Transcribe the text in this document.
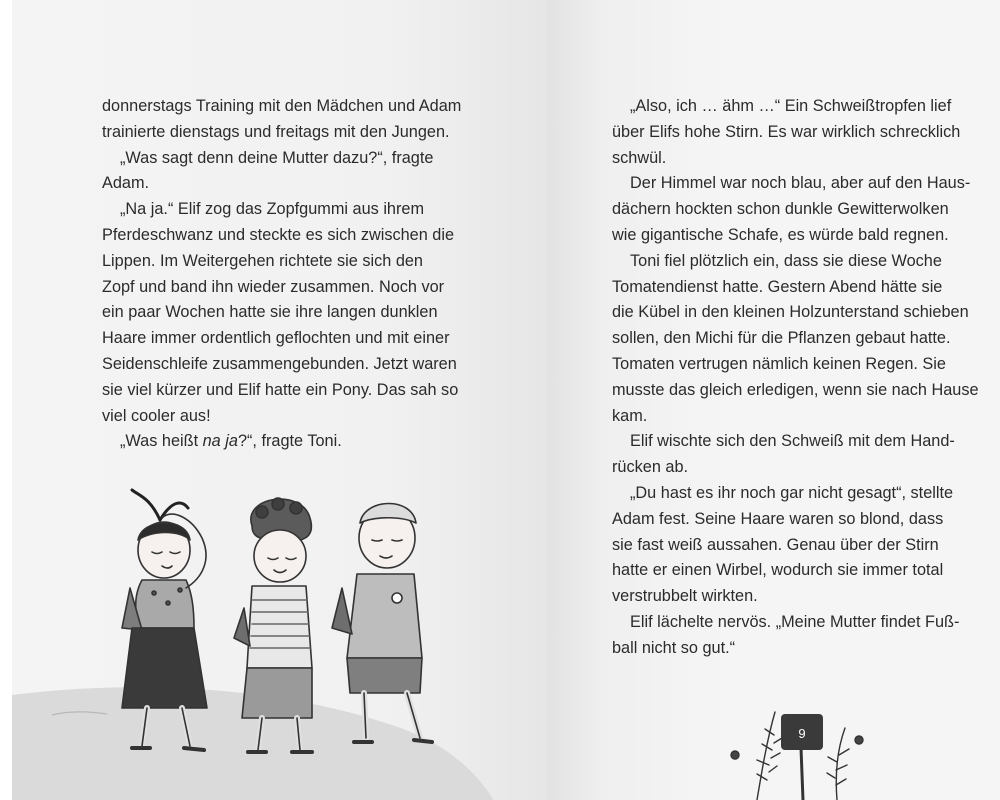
donnerstags Training mit den Mädchen und Adam
trainierte dienstags und freitags mit den Jungen.
„Was sagt denn deine Mutter dazu?“, fragte
Adam.
„Na ja.“ Elif zog das Zopfgummi aus ihrem
Pferdeschwanz und steckte es sich zwischen die
Lippen. Im Weitergehen richtete sie sich den
Zopf und band ihn wieder zusammen. Noch vor
ein paar Wochen hatte sie ihre langen dunklen
Haare immer ordentlich geflochten und mit einer
Seidenschleife zusammengebunden. Jetzt waren
sie viel kürzer und Elif hatte ein Pony. Das sah so
viel cooler aus!
„Was heißt na ja?“, fragte Toni.
„Also, ich … ähm …“ Ein Schweißtropfen lief
über Elifs hohe Stirn. Es war wirklich schrecklich
schwül.
Der Himmel war noch blau, aber auf den Haus-
dächern hockten schon dunkle Gewitterwolken
wie gigantische Schafe, es würde bald regnen.
Toni fiel plötzlich ein, dass sie diese Woche
Tomatendienst hatte. Gestern Abend hätte sie
die Kübel in den kleinen Holzunterstand schieben
sollen, den Michi für die Pflanzen gebaut hatte.
Tomaten vertrugen nämlich keinen Regen. Sie
musste das gleich erledigen, wenn sie nach Hause
kam.
Elif wischte sich den Schweiß mit dem Hand-
rücken ab.
„Du hast es ihr noch gar nicht gesagt“, stellte
Adam fest. Seine Haare waren so blond, dass
sie fast weiß aussahen. Genau über der Stirn
hatte er einen Wirbel, wodurch sie immer total
verstrubbelt wirkten.
Elif lächelte nervös. „Meine Mutter findet Fuß-
ball nicht so gut.“
9
